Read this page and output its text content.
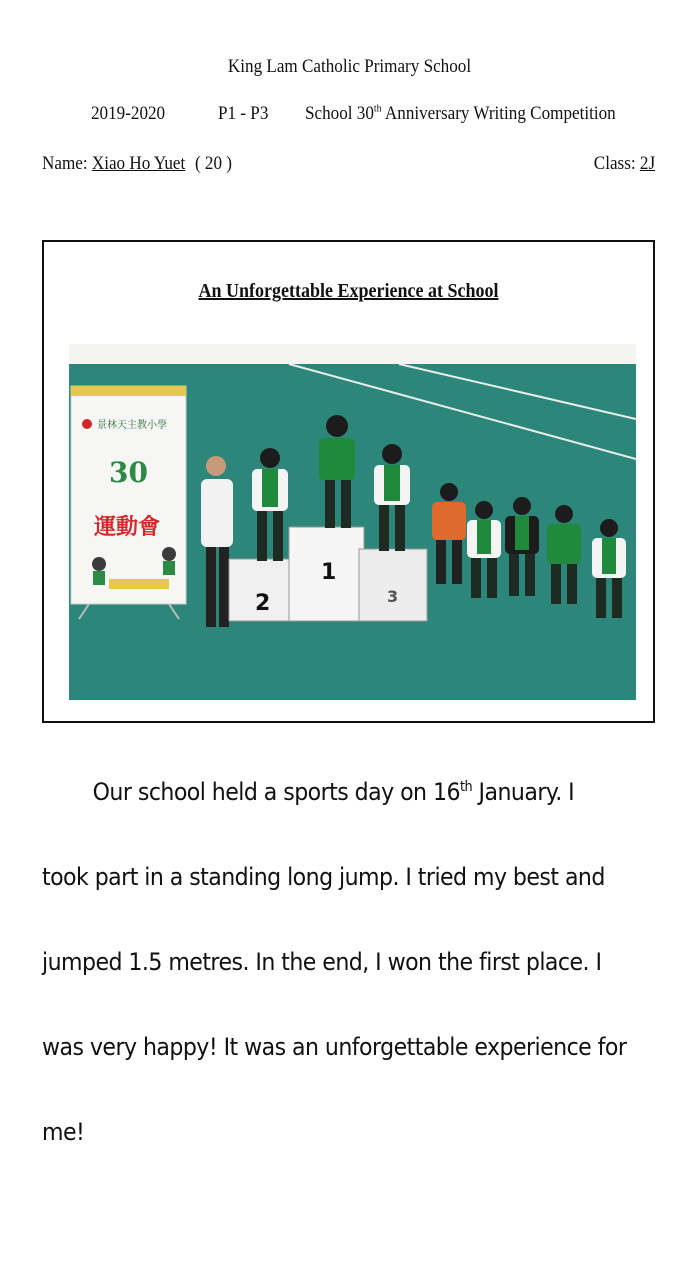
King Lam Catholic Primary School
2019-2020	P1 - P3 School 30th Anniversary Writing Competition
Name: Xiao Ho Yuet ( 20 )	Class: 2J
An Unforgettable Experience at School
景林天主教小學
30
運動會
2
1
3
Our school held a sports day on 16th January. I
took part in a standing long jump. I tried my best and
jumped 1.5 metres. In the end, I won the first place. I
was very happy! It was an unforgettable experience for
me!
